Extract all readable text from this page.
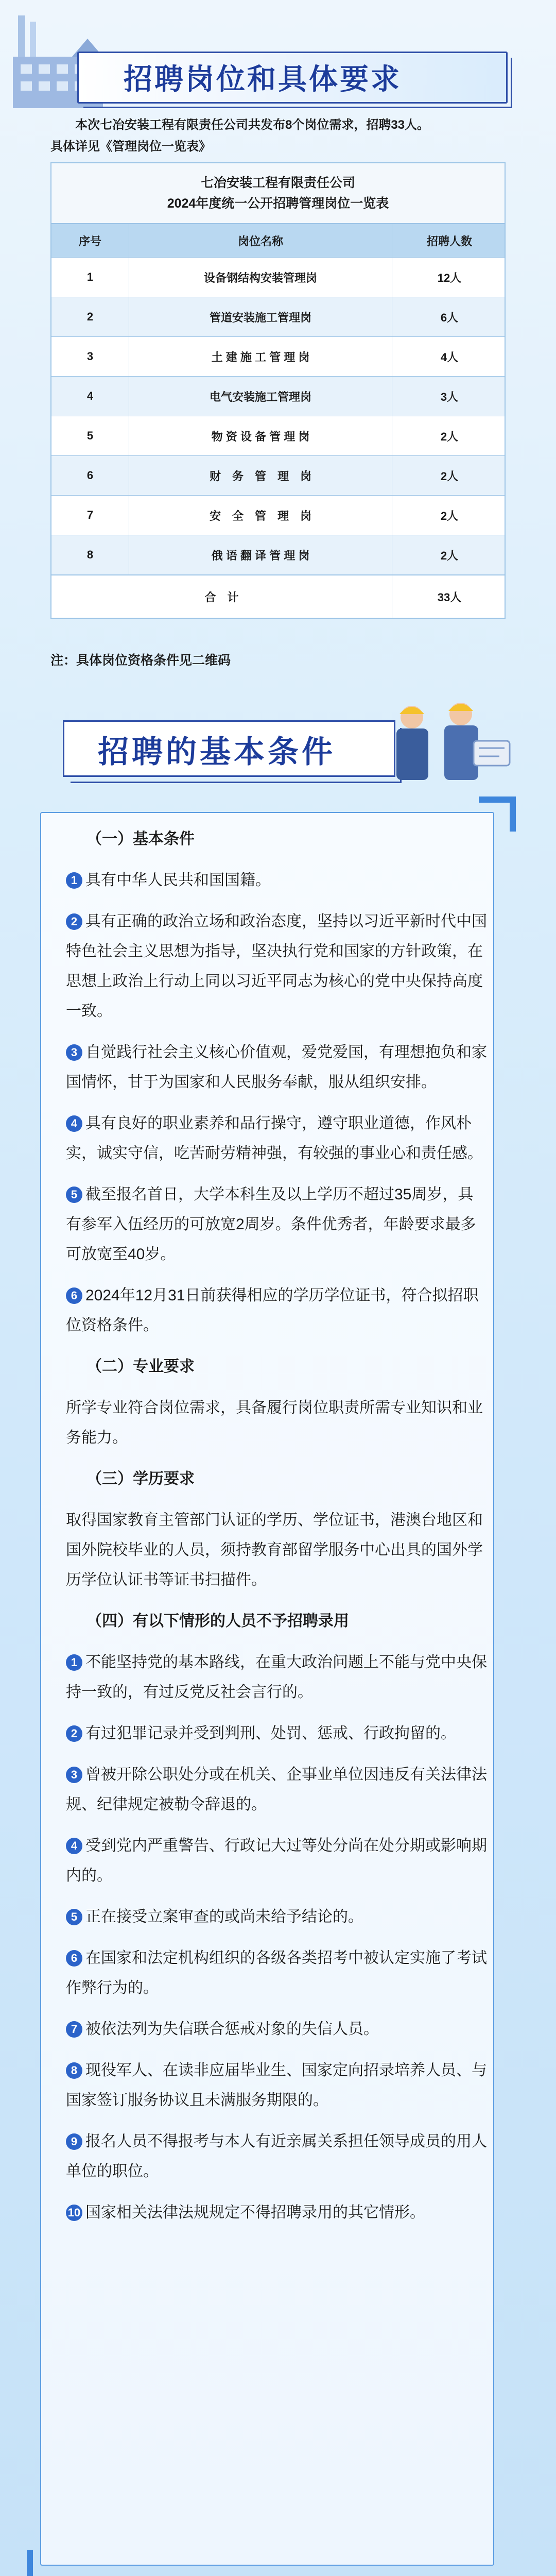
招聘岗位和具体要求
本次七冶安装工程有限责任公司共发布8个岗位需求，招聘33人。
具体详见《管理岗位一览表》
七冶安装工程有限责任公司
2024年度统一公开招聘管理岗位一览表
序号	岗位名称	招聘人数
1	设备钢结构安装管理岗	12人
2	管道安装施工管理岗	6人
3	土 建 施 工 管 理 岗	4人
4	电气安装施工管理岗	3人
5	物 资 设 备 管 理 岗	2人
6	财　务　管　理　岗	2人
7	安　全　管　理　岗	2人
8	俄 语 翻 译 管 理 岗	2人
合　计	33人
注：具体岗位资格条件见二维码
招聘的基本条件
（一）基本条件
1 具有中华人民共和国国籍。
2 具有正确的政治立场和政治态度，坚持以习近平新时代中国特色社会主义思想为指导，坚决执行党和国家的方针政策，在思想上政治上行动上同以习近平同志为核心的党中央保持高度一致。
3 自觉践行社会主义核心价值观，爱党爱国，有理想抱负和家国情怀，甘于为国家和人民服务奉献，服从组织安排。
4 具有良好的职业素养和品行操守，遵守职业道德，作风朴实，诚实守信，吃苦耐劳精神强，有较强的事业心和责任感。
5 截至报名首日，大学本科生及以上学历不超过35周岁，具有参军入伍经历的可放宽2周岁。条件优秀者，年龄要求最多可放宽至40岁。
6 2024年12月31日前获得相应的学历学位证书，符合拟招职位资格条件。
（二）专业要求
所学专业符合岗位需求，具备履行岗位职责所需专业知识和业务能力。
（三）学历要求
取得国家教育主管部门认证的学历、学位证书，港澳台地区和国外院校毕业的人员，须持教育部留学服务中心出具的国外学历学位认证书等证书扫描件。
（四）有以下情形的人员不予招聘录用
1 不能坚持党的基本路线，在重大政治问题上不能与党中央保持一致的，有过反党反社会言行的。
2 有过犯罪记录并受到判刑、处罚、惩戒、行政拘留的。
3 曾被开除公职处分或在机关、企事业单位因违反有关法律法规、纪律规定被勒令辞退的。
4 受到党内严重警告、行政记大过等处分尚在处分期或影响期内的。
5 正在接受立案审查的或尚未给予结论的。
6 在国家和法定机构组织的各级各类招考中被认定实施了考试作弊行为的。
7 被依法列为失信联合惩戒对象的失信人员。
8 现役军人、在读非应届毕业生、国家定向招录培养人员、与国家签订服务协议且未满服务期限的。
9 报名人员不得报考与本人有近亲属关系担任领导成员的用人单位的职位。
10 国家相关法律法规规定不得招聘录用的其它情形。
